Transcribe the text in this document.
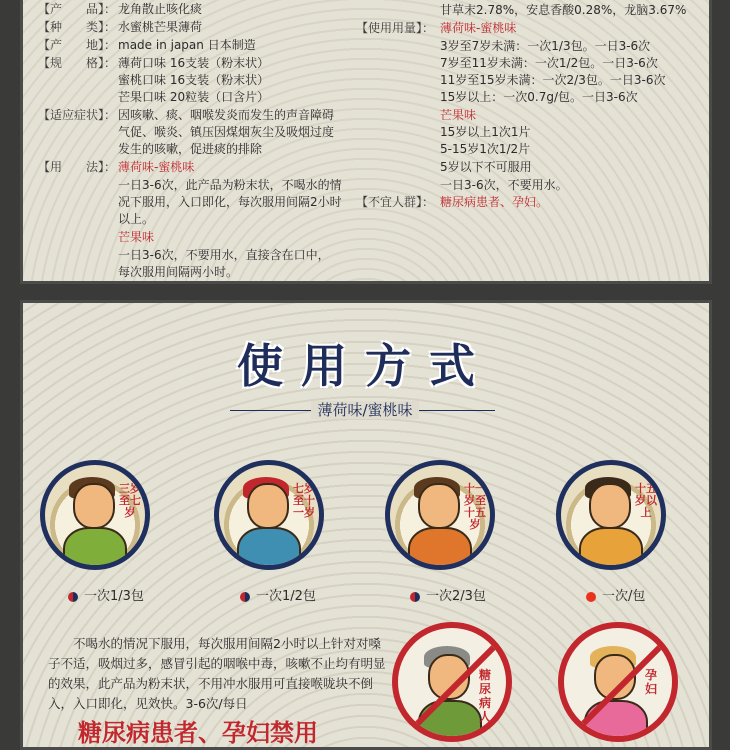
【产　　品】： 龙角散止咳化痰
【种　　类】： 水蜜桃芒果薄荷
【产　　地】： made in japan 日本制造
【规　　格】： 薄荷口味 16支装（粉末状）
蜜桃口味 16支装（粉末状）
芒果口味 20粒装（口含片）
【适应症状】： 因咳嗽、痰、咽喉发炎而发生的声音障碍
气促、喉炎、镇压因煤烟灰尘及吸烟过度
发生的咳嗽，促进痰的排除
【用　　法】： 薄荷味-蜜桃味
一日3-6次，此产品为粉末状，不喝水的情
况下服用，入口即化，每次服用间隔2小时
以上。
芒果味
一日3-6次，不要用水，直接含在口中，
每次服用间隔两小时。
甘草末2.78%，安息香酸0.28%，龙脑3.67%
【使用用量】： 薄荷味-蜜桃味
3岁至7岁未满：一次1/3包。一日3-6次
7岁至11岁未满：一次1/2包。一日3-6次
11岁至15岁未满：一次2/3包。一日3-6次
15岁以上：一次0.7g/包。一日3-6次
芒果味
15岁以上1次1片
5-15岁1次1/2片
5岁以下不可服用
一日3-6次，不要用水。
【不宜人群】： 糖尿病患者、孕妇。
使用方式
薄荷味/蜜桃味
三岁至七岁
七岁至十一岁
十一岁至十五岁
十五岁以上
一次1/3包	一次1/2包	一次2/3包	一次/包
不喝水的情况下服用，每次服用间隔2小时以上针对对嗓子不适，吸烟过多，感冒引起的咽喉中毒，咳嗽不止均有明显的效果，此产品为粉末状，不用冲水服用可直接喉咙块不倒入，入口即化，见效快。3-6次/每日
糖尿病人
孕妇
糖尿病患者、孕妇禁用
